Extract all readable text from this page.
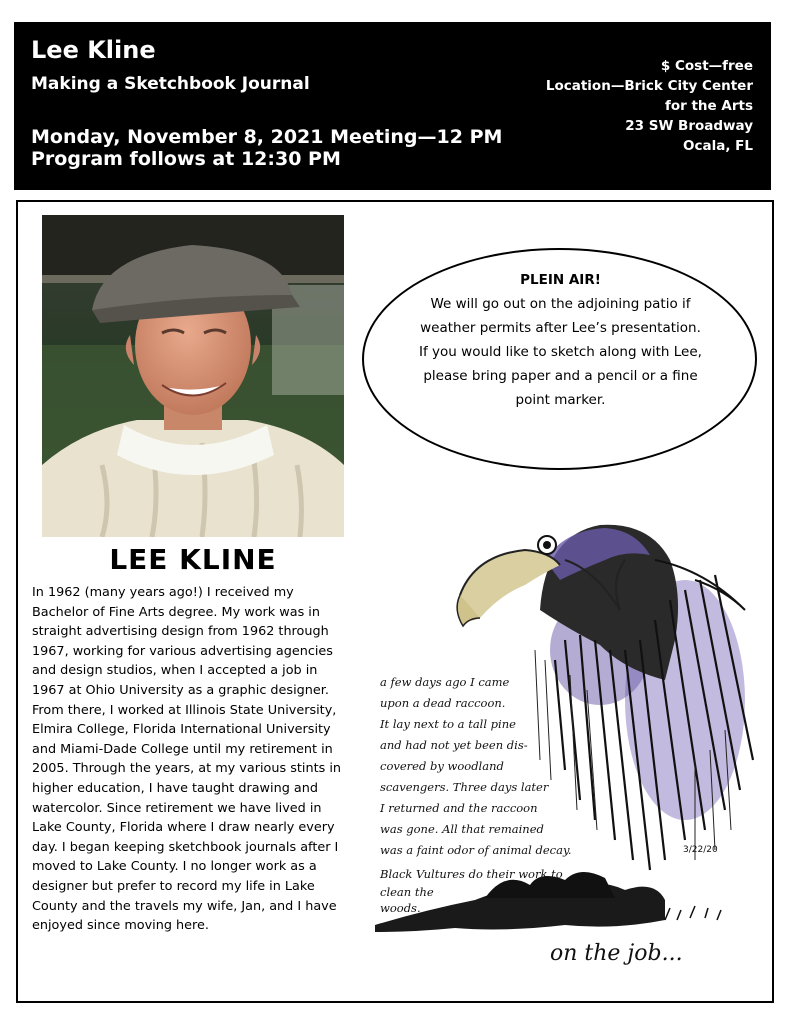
Lee Kline
Making a Sketchbook Journal
Monday, November 8, 2021 Meeting—12 PM
Program follows at 12:30 PM
$ Cost—free
Location—Brick City Center
for the Arts
23 SW Broadway
Ocala, FL
LEE KLINE
In 1962 (many years ago!) I received my Bachelor of Fine Arts degree. My work was in straight advertising design from 1962 through 1967, working for various advertising agencies and design studios, when I accepted a job in 1967 at Ohio University as a graphic designer. From there, I worked at Illinois State University, Elmira College, Florida International University and Miami-Dade College until my retirement in 2005. Through the years, at my various stints in higher education, I have taught drawing and watercolor. Since retirement we have lived in Lake County, Florida where I draw nearly every day. I began keeping sketchbook journals after I moved to Lake County. I no longer work as a designer but prefer to record my life in Lake County and the travels my wife, Jan, and I have enjoyed since moving here.
PLEIN AIR!
We will go out on the adjoining patio if
weather permits after Lee’s presentation.
If you would like to sketch along with Lee,
please bring paper and a pencil or a fine
point marker.
a few days ago I came
upon a dead raccoon.
It lay next to a tall pine
and had not yet been dis-
covered by woodland
scavengers. Three days later
I returned and the raccoon
was gone. All that remained
was a faint odor of animal decay.
Black Vultures do their work to
clean the
woods.
3/22/20
on the job...
